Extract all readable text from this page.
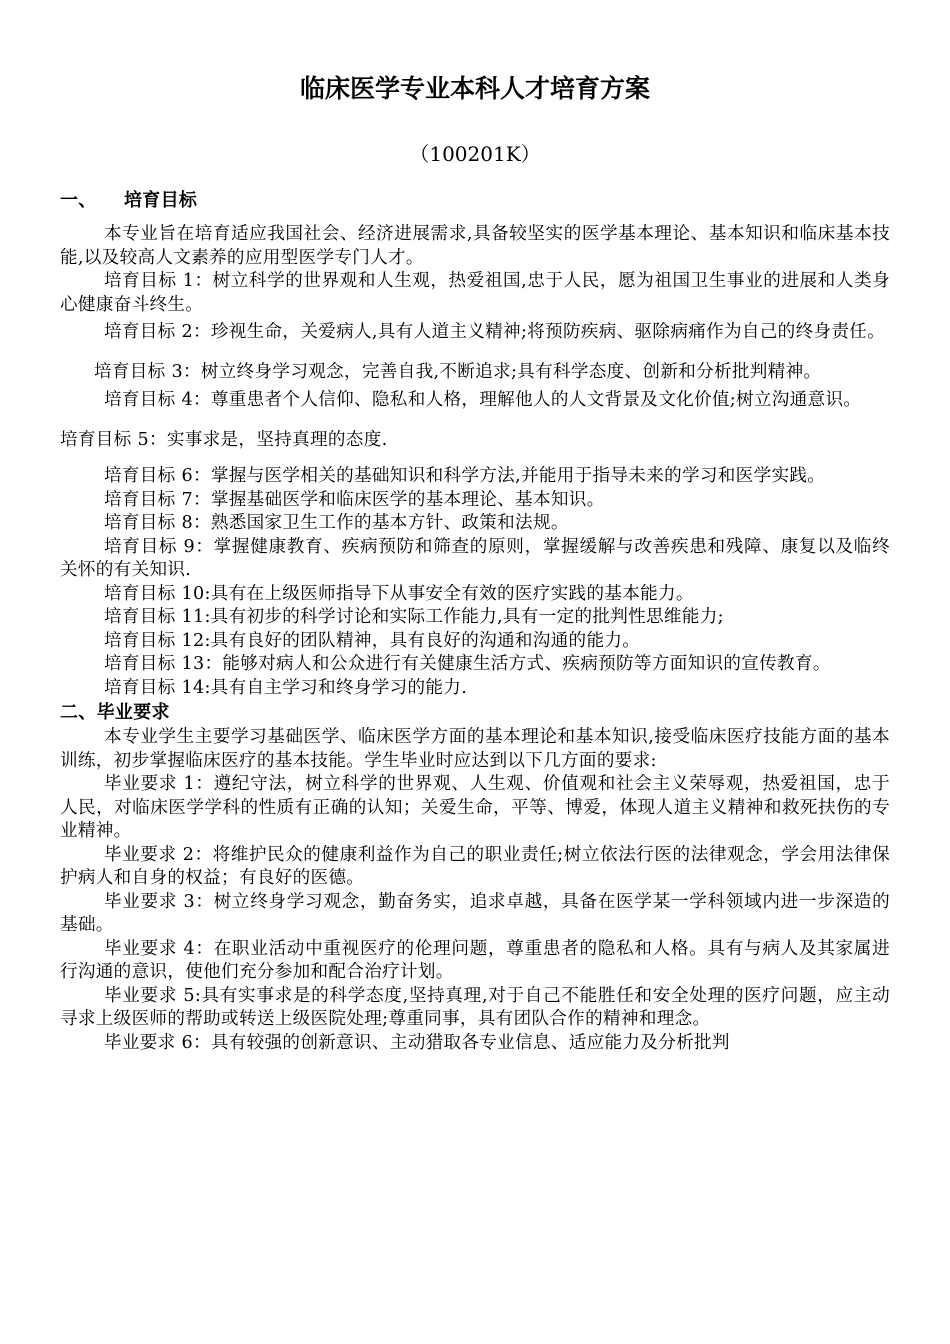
临床医学专业本科人才培育方案
（100201K）

一、 培育目标

本专业旨在培育适应我国社会、经济进展需求,具备较坚实的医学基本理论、基本知识和临床基本技能,以及较高人文素养的应用型医学专门人才。

培育目标 1：树立科学的世界观和人生观，热爱祖国,忠于人民，愿为祖国卫生事业的进展和人类身心健康奋斗终生。

培育目标 2：珍视生命，关爱病人,具有人道主义精神;将预防疾病、驱除病痛作为自己的终身责任。

培育目标 3：树立终身学习观念，完善自我,不断追求;具有科学态度、创新和分析批判精神。

培育目标 4：尊重患者个人信仰、隐私和人格，理解他人的人文背景及文化价值;树立沟通意识。

培育目标 5：实事求是，坚持真理的态度.

培育目标 6：掌握与医学相关的基础知识和科学方法,并能用于指导未来的学习和医学实践。

培育目标 7：掌握基础医学和临床医学的基本理论、基本知识。

培育目标 8：熟悉国家卫生工作的基本方针、政策和法规。

培育目标 9：掌握健康教育、疾病预防和筛查的原则，掌握缓解与改善疾患和残障、康复以及临终关怀的有关知识.

培育目标 10:具有在上级医师指导下从事安全有效的医疗实践的基本能力。

培育目标 11:具有初步的科学讨论和实际工作能力,具有一定的批判性思维能力;

培育目标 12:具有良好的团队精神，具有良好的沟通和沟通的能力。

培育目标 13：能够对病人和公众进行有关健康生活方式、疾病预防等方面知识的宣传教育。

培育目标 14:具有自主学习和终身学习的能力.

二、毕业要求

本专业学生主要学习基础医学、临床医学方面的基本理论和基本知识,接受临床医疗技能方面的基本训练，初步掌握临床医疗的基本技能。学生毕业时应达到以下几方面的要求:

毕业要求 1：遵纪守法，树立科学的世界观、人生观、价值观和社会主义荣辱观，热爱祖国，忠于人民，对临床医学学科的性质有正确的认知；关爱生命，平等、博爱，体现人道主义精神和救死扶伤的专业精神。

毕业要求 2：将维护民众的健康利益作为自己的职业责任;树立依法行医的法律观念，学会用法律保护病人和自身的权益；有良好的医德。

毕业要求 3：树立终身学习观念，勤奋务实，追求卓越，具备在医学某一学科领域内进一步深造的基础。

毕业要求 4：在职业活动中重视医疗的伦理问题，尊重患者的隐私和人格。具有与病人及其家属进行沟通的意识，使他们充分参加和配合治疗计划。

毕业要求 5:具有实事求是的科学态度,坚持真理,对于自己不能胜任和安全处理的医疗问题，应主动寻求上级医师的帮助或转送上级医院处理;尊重同事，具有团队合作的精神和理念。

毕业要求 6：具有较强的创新意识、主动猎取各专业信息、适应能力及分析批判
